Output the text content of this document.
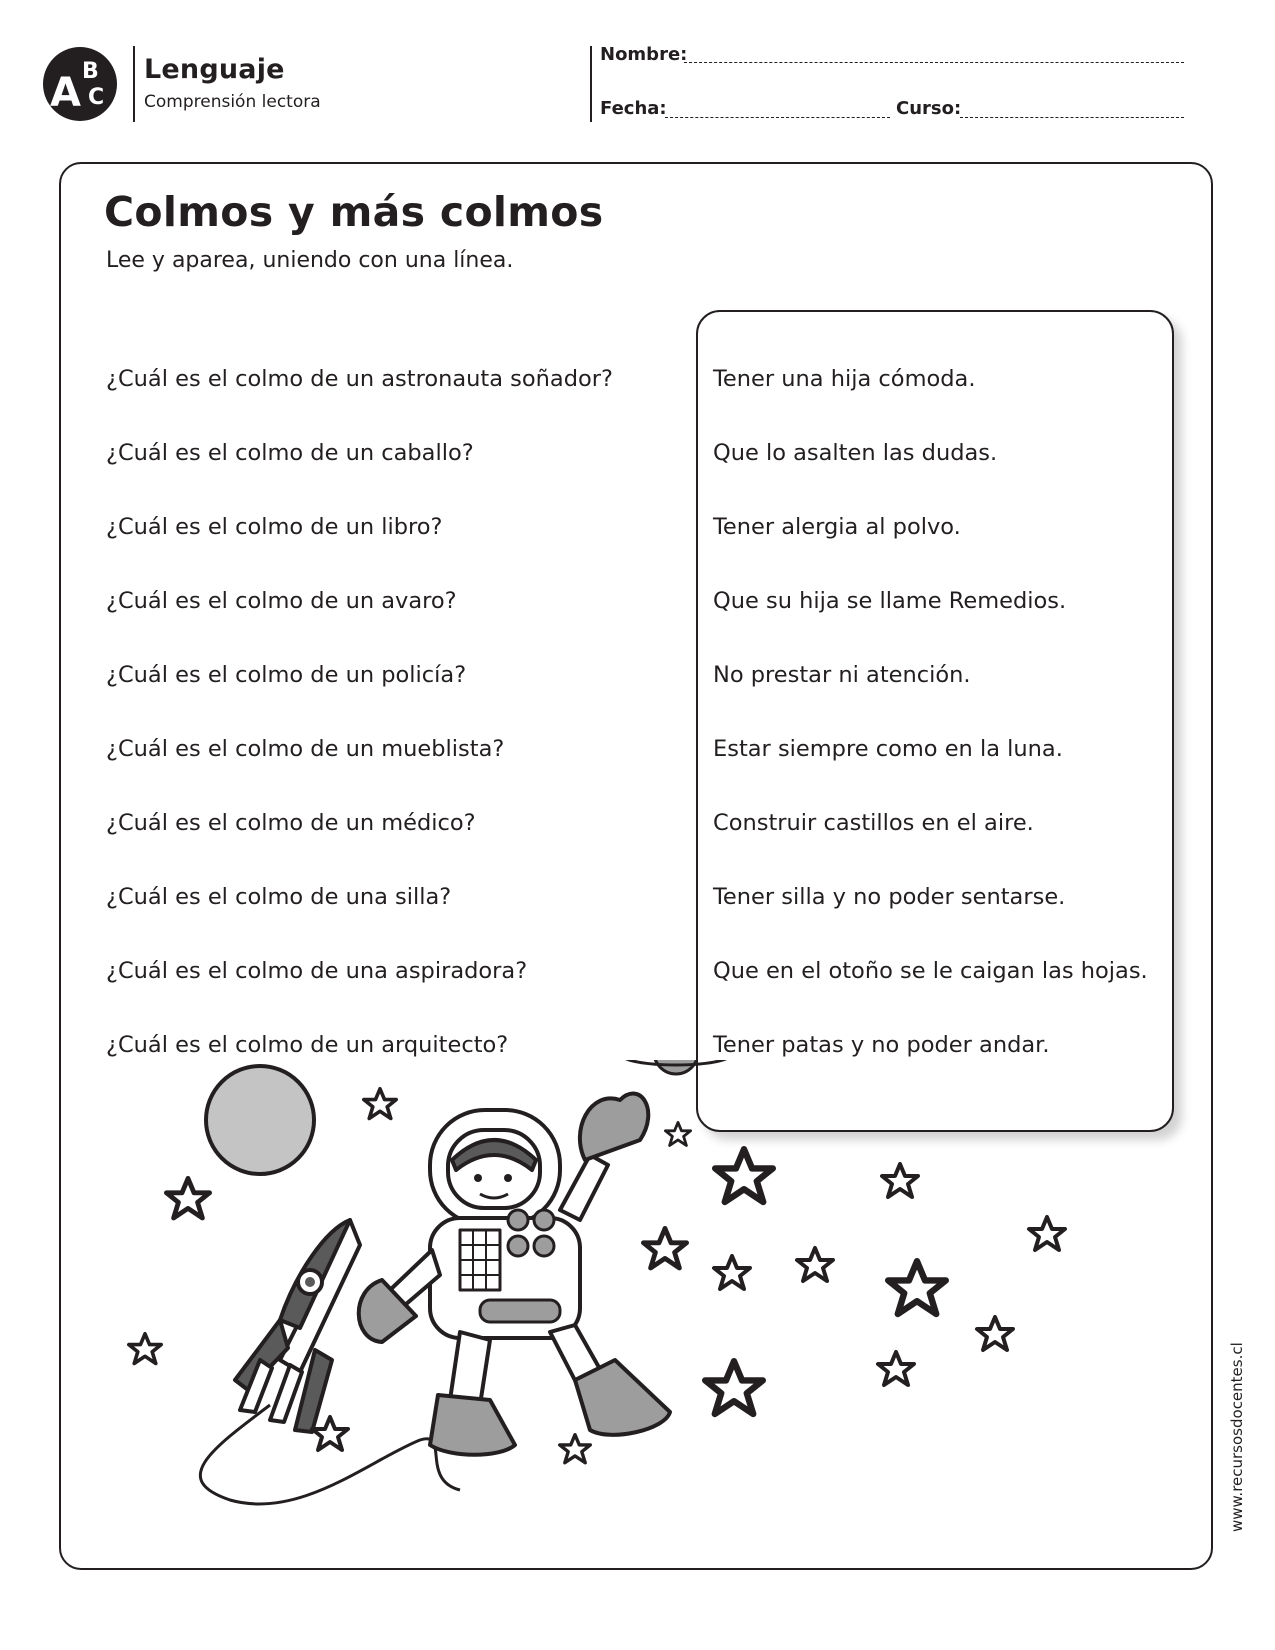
A B
C
Lenguaje
Comprensión lectora
Nombre:
Fecha:	Curso:
Colmos y más colmos
Lee y aparea, uniendo con una línea.
¿Cuál es el colmo de un astronauta soñador?
¿Cuál es el colmo de un caballo?
¿Cuál es el colmo de un libro?
¿Cuál es el colmo de un avaro?
¿Cuál es el colmo de un policía?
¿Cuál es el colmo de un mueblista?
¿Cuál es el colmo de un médico?
¿Cuál es el colmo de una silla?
¿Cuál es el colmo de una aspiradora?
¿Cuál es el colmo de un arquitecto?
Tener una hija cómoda.
Que lo asalten las dudas.
Tener alergia al polvo.
Que su hija se llame Remedios.
No prestar ni atención.
Estar siempre como en la luna.
Construir castillos en el aire.
Tener silla y no poder sentarse.
Que en el otoño se le caigan las hojas.
Tener patas y no poder andar.
www.recursosdocentes.cl
